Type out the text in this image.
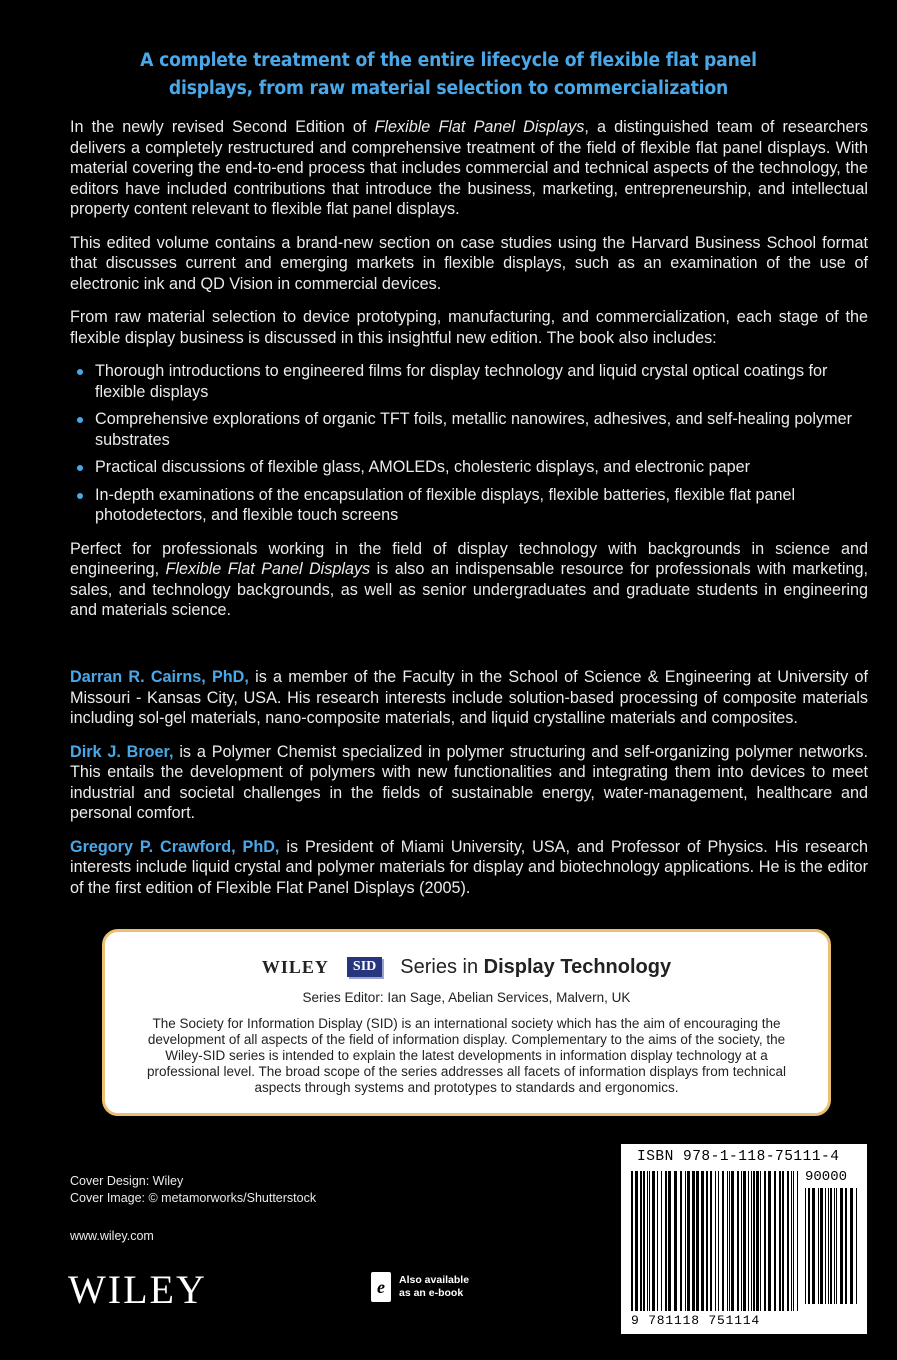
A complete treatment of the entire lifecycle of flexible flat panel
displays, from raw material selection to commercialization

In the newly revised Second Edition of Flexible Flat Panel Displays, a distinguished team of researchers delivers a completely restructured and comprehensive treatment of the field of flexible flat panel displays. With material covering the end-to-end process that includes commercial and technical aspects of the technology, the editors have included contributions that introduce the business, marketing, entrepreneurship, and intellectual property content relevant to flexible flat panel displays.

This edited volume contains a brand-new section on case studies using the Harvard Business School format that discusses current and emerging markets in flexible displays, such as an examination of the use of electronic ink and QD Vision in commercial devices.

From raw material selection to device prototyping, manufacturing, and commercialization, each stage of the flexible display business is discussed in this insightful new edition. The book also includes:

Thorough introductions to engineered films for display technology and liquid crystal optical coatings for flexible displays
Comprehensive explorations of organic TFT foils, metallic nanowires, adhesives, and self-healing polymer substrates
Practical discussions of flexible glass, AMOLEDs, cholesteric displays, and electronic paper
In-depth examinations of the encapsulation of flexible displays, flexible batteries, flexible flat panel photodetectors, and flexible touch screens

Perfect for professionals working in the field of display technology with backgrounds in science and engineering, Flexible Flat Panel Displays is also an indispensable resource for professionals with marketing, sales, and technology backgrounds, as well as senior undergraduates and graduate students in engineering and materials science.

Darran R. Cairns, PhD, is a member of the Faculty in the School of Science & Engineering at University of Missouri - Kansas City, USA. His research interests include solution-based processing of composite materials including sol-gel materials, nano-composite materials, and liquid crystalline materials and composites.

Dirk J. Broer, is a Polymer Chemist specialized in polymer structuring and self-organizing polymer networks. This entails the development of polymers with new functionalities and integrating them into devices to meet industrial and societal challenges in the fields of sustainable energy, water-management, healthcare and personal comfort.

Gregory P. Crawford, PhD, is President of Miami University, USA, and Professor of Physics. His research interests include liquid crystal and polymer materials for display and biotechnology applications. He is the editor of the first edition of Flexible Flat Panel Displays (2005).

WILEY	SID	Series in Display Technology
Series Editor: Ian Sage, Abelian Services, Malvern, UK
The Society for Information Display (SID) is an international society which has the aim of encouraging the development of all aspects of the field of information display. Complementary to the aims of the society, the Wiley-SID series is intended to explain the latest developments in information display technology at a professional level. The broad scope of the series addresses all facets of information displays from technical aspects through systems and prototypes to standards and ergonomics.
Cover Design: Wiley
Cover Image: © metamorworks/Shutterstock
www.wiley.com
WILEY	e	Also available
as an e-book
ISBN 978-1-118-75111-4
90000
9 781118 751114
